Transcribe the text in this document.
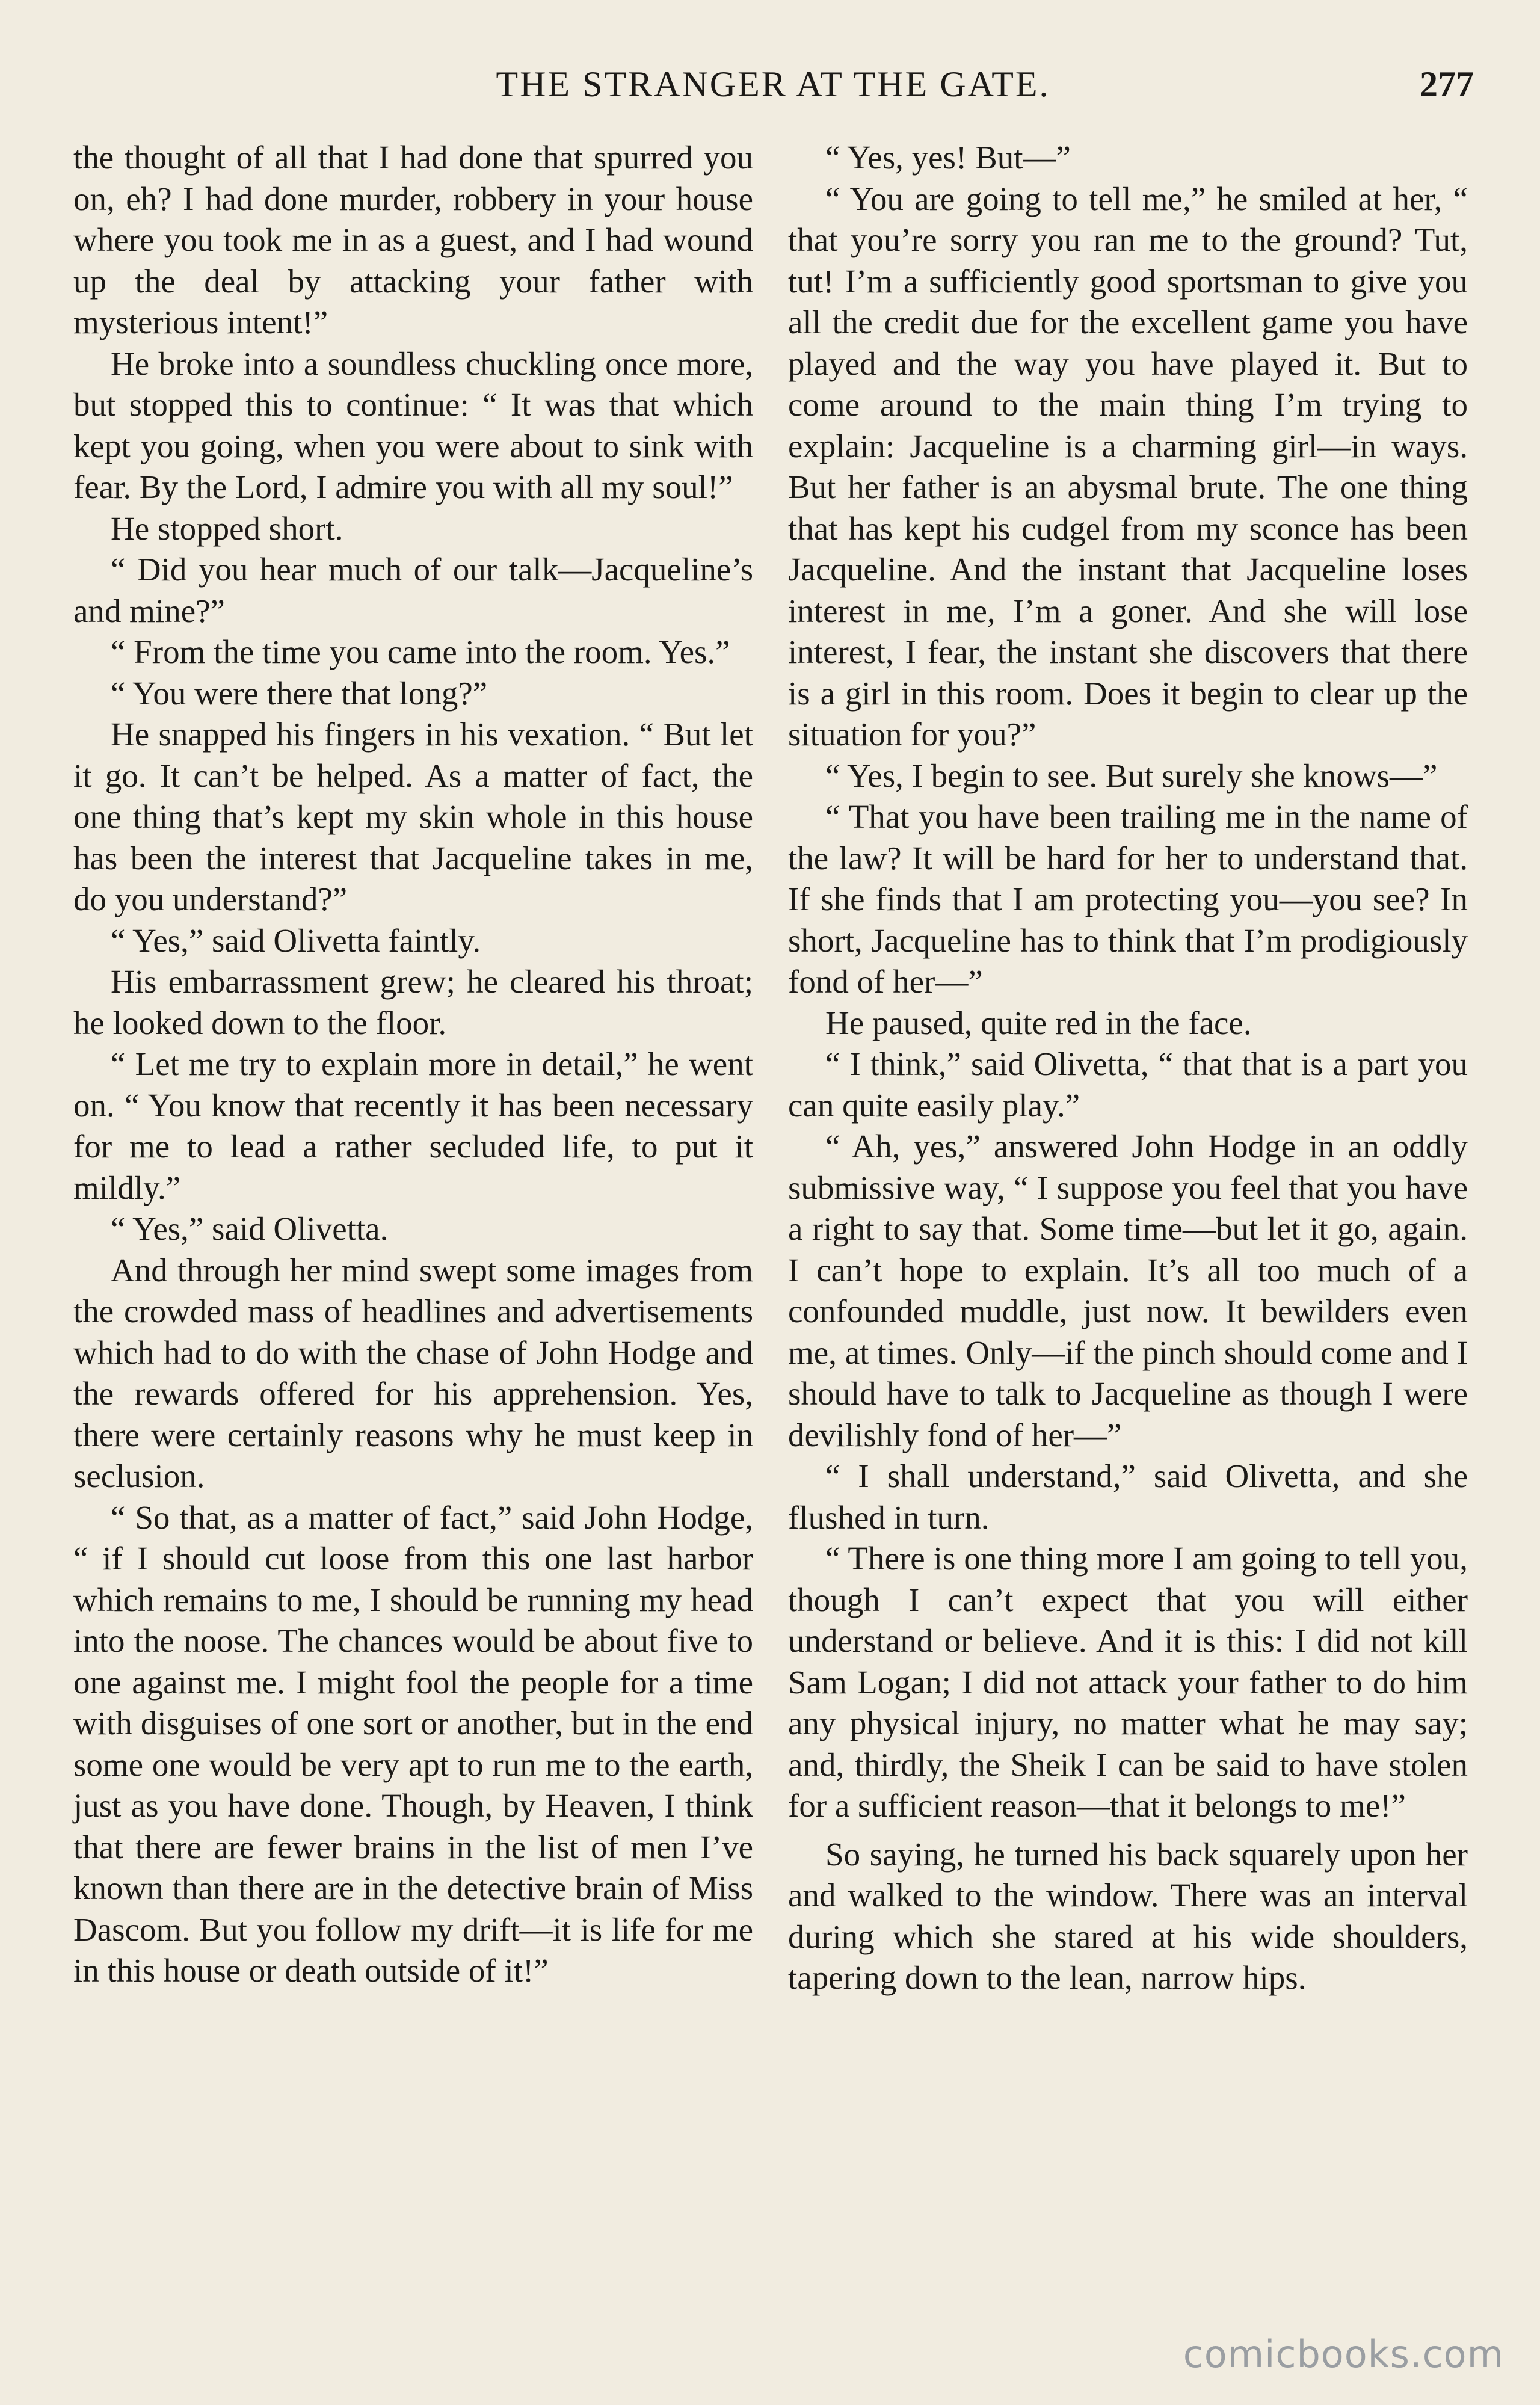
THE STRANGER AT THE GATE.	277

the thought of all that I had done that spurred you on, eh? I had done murder, robbery in your house where you took me in as a guest, and I had wound up the deal by attacking your father with mysterious intent!”

He broke into a soundless chuckling once more, but stopped this to continue: “ It was that which kept you going, when you were about to sink with fear. By the Lord, I admire you with all my soul!”

He stopped short.

“ Did you hear much of our talk—Jacqueline’s and mine?”

“ From the time you came into the room. Yes.”

“ You were there that long?”

He snapped his fingers in his vexation. “ But let it go. It can’t be helped. As a matter of fact, the one thing that’s kept my skin whole in this house has been the interest that Jacqueline takes in me, do you understand?”

“ Yes,” said Olivetta faintly.

His embarrassment grew; he cleared his throat; he looked down to the floor.

“ Let me try to explain more in detail,” he went on. “ You know that recently it has been necessary for me to lead a rather secluded life, to put it mildly.”

“ Yes,” said Olivetta.

And through her mind swept some images from the crowded mass of headlines and advertisements which had to do with the chase of John Hodge and the rewards offered for his apprehension. Yes, there were certainly reasons why he must keep in seclusion.

“ So that, as a matter of fact,” said John Hodge, “ if I should cut loose from this one last harbor which remains to me, I should be running my head into the noose. The chances would be about five to one against me. I might fool the people for a time with disguises of one sort or another, but in the end some one would be very apt to run me to the earth, just as you have done. Though, by Heaven, I think that there are fewer brains in the list of men I’ve known than there are in the detective brain of Miss Dascom. But you follow my drift—it is life for me in this house or death outside of it!”

“ Yes, yes! But—”

“ You are going to tell me,” he smiled at her, “ that you’re sorry you ran me to the ground? Tut, tut! I’m a sufficiently good sportsman to give you all the credit due for the excellent game you have played and the way you have played it. But to come around to the main thing I’m trying to explain: Jacqueline is a charming girl—in ways. But her father is an abysmal brute. The one thing that has kept his cudgel from my sconce has been Jacqueline. And the instant that Jacqueline loses interest in me, I’m a goner. And she will lose interest, I fear, the instant she discovers that there is a girl in this room. Does it begin to clear up the situation for you?”

“ Yes, I begin to see. But surely she knows—”

“ That you have been trailing me in the name of the law? It will be hard for her to understand that. If she finds that I am protecting you—you see? In short, Jacqueline has to think that I’m prodigiously fond of her—”

He paused, quite red in the face.

“ I think,” said Olivetta, “ that that is a part you can quite easily play.”

“ Ah, yes,” answered John Hodge in an oddly submissive way, “ I suppose you feel that you have a right to say that. Some time—but let it go, again. I can’t hope to explain. It’s all too much of a confounded muddle, just now. It bewilders even me, at times. Only—if the pinch should come and I should have to talk to Jacqueline as though I were devilishly fond of her—”

“ I shall understand,” said Olivetta, and she flushed in turn.

“ There is one thing more I am going to tell you, though I can’t expect that you will either understand or believe. And it is this: I did not kill Sam Logan; I did not attack your father to do him any physical injury, no matter what he may say; and, thirdly, the Sheik I can be said to have stolen for a sufficient reason—that it belongs to me!”

So saying, he turned his back squarely upon her and walked to the window. There was an interval during which she stared at his wide shoulders, tapering down to the lean, narrow hips.

comicbooks.com
